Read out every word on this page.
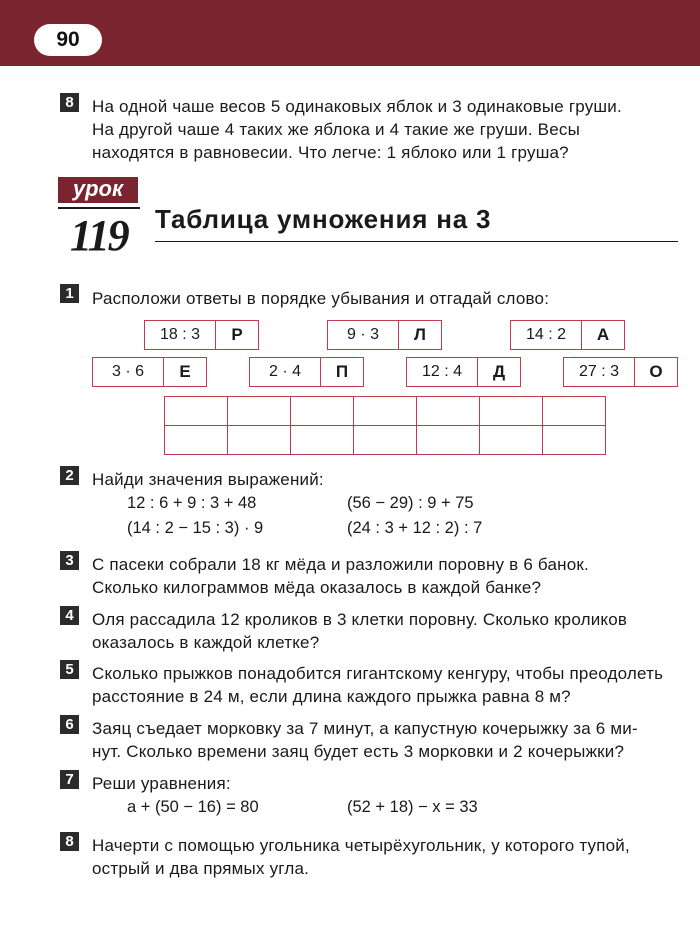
90
8	На одной чаше весов 5 одинаковых яблок и 3 одинаковые груши.

На другой чаше 4 таких же яблока и 4 такие же груши. Весы

находятся в равновесии. Что легче: 1 яблоко или 1 груша?

урок
119 Таблица умножения на 3
1	Расположи ответы в порядке убывания и отгадай слово:
18 : 3	Р	9 · 3	Л	14 : 2	А
3 · 6	Е	2 · 4	П	12 : 4	Д	27 : 3	О

2	Найди значения выражений:
12 : 6 + 9 : 3 + 48	(56 − 29) : 9 + 75
(14 : 2 − 15 : 3) · 9	(24 : 3 + 12 : 2) : 7
3	С пасеки собрали 18 кг мёда и разложили поровну в 6 банок.

Сколько килограммов мёда оказалось в каждой банке?

4	Оля рассадила 12 кроликов в 3 клетки поровну. Сколько кроликов

оказалось в каждой клетке?

5	Сколько прыжков понадобится гигантскому кенгуру, чтобы преодолеть

расстояние в 24 м, если длина каждого прыжка равна 8 м?

6	Заяц съедает морковку за 7 минут, а капустную кочерыжку за 6 ми-

нут. Сколько времени заяц будет есть 3 морковки и 2 кочерыжки?

7	Реши уравнения:
a + (50 − 16) = 80	(52 + 18) − x = 33
8	Начерти с помощью угольника четырёхугольник, у которого тупой,

острый и два прямых угла.
